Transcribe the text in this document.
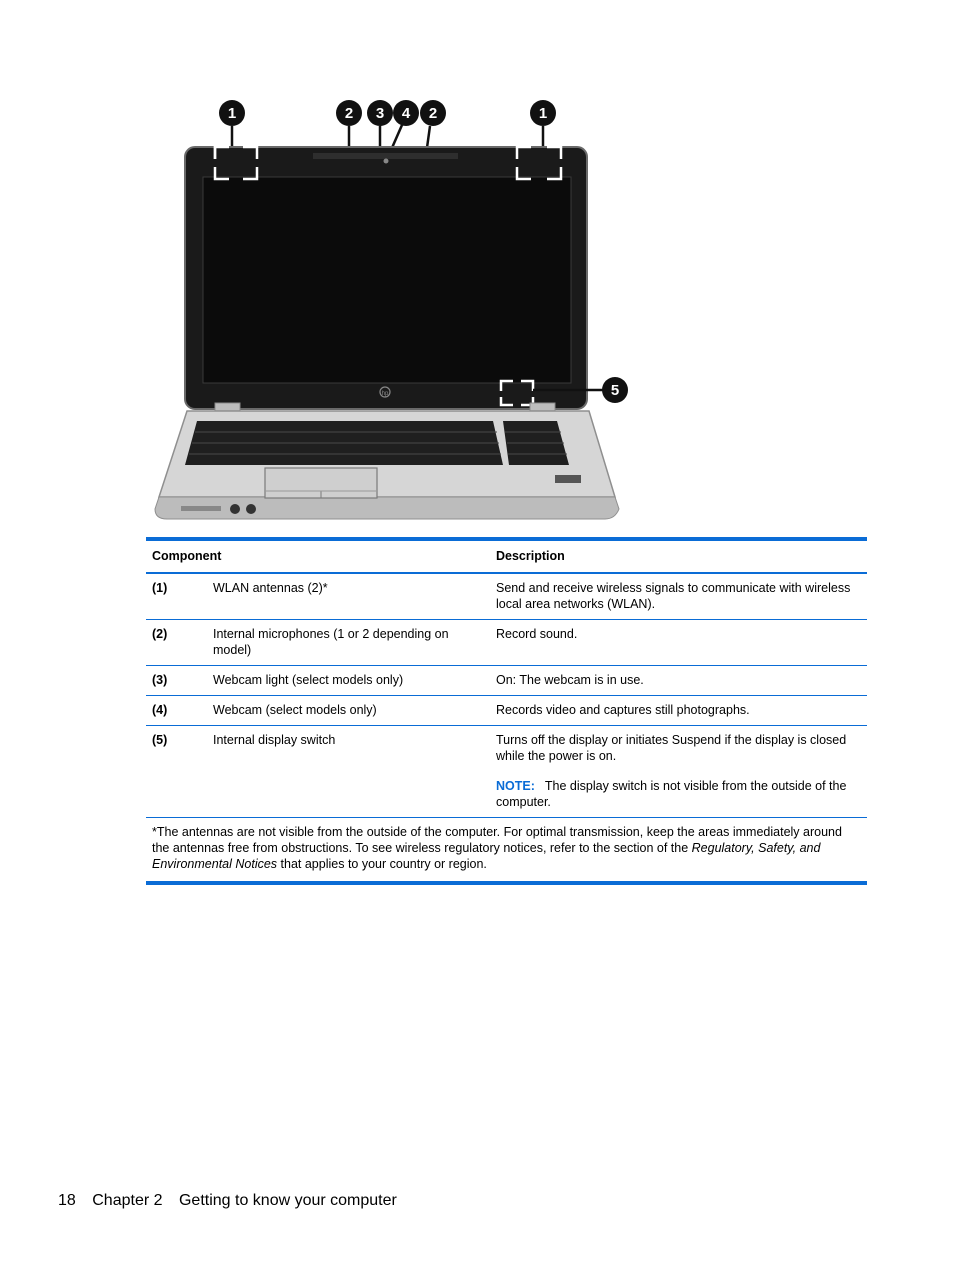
1	2 3 4 2	1
hp	5
Component		Description
(1)	WLAN antennas (2)*	Send and receive wireless signals to communicate with wireless local area networks (WLAN).
(2)	Internal microphones (1 or 2 depending on model)	Record sound.
(3)	Webcam light (select models only)	On: The webcam is in use.
(4)	Webcam (select models only)	Records video and captures still photographs.
(5)	Internal display switch	Turns off the display or initiates Suspend if the display is closed while the power is on.
NOTE: The display switch is not visible from the outside of the computer.

*The antennas are not visible from the outside of the computer. For optimal transmission, keep the areas immediately around the antennas free from obstructions. To see wireless regulatory notices, refer to the section of the Regulatory, Safety, and Environmental Notices that applies to your country or region.		
18 Chapter 2 Getting to know your computer
